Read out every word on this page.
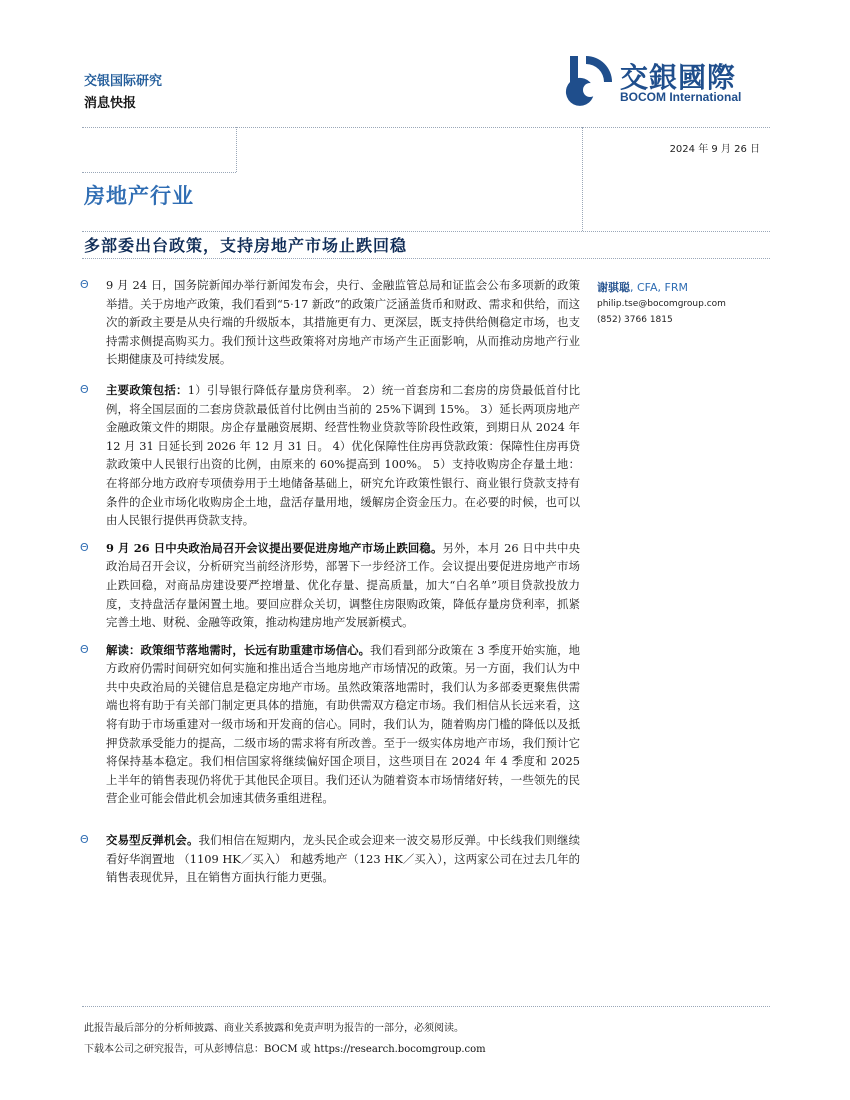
交银国际研究
消息快报
交銀國際
BOCOM International
2024 年 9 月 26 日
房地产行业
多部委出台政策，支持房地产市场止跌回稳
Θ 9 月 24 日，国务院新闻办举行新闻发布会，央行、金融监管总局和证监会公布多项新的政策举措。关于房地产政策，我们看到“5·17 新政”的政策广泛涵盖货币和财政、需求和供给，而这次的新政主要是从央行端的升级版本，其措施更有力、更深层，既支持供给侧稳定市场，也支持需求侧提高购买力。我们预计这些政策将对房地产市场产生正面影响，从而推动房地产行业长期健康及可持续发展。
Θ 主要政策包括：1）引导银行降低存量房贷利率。 2）统一首套房和二套房的房贷最低首付比例，将全国层面的二套房贷款最低首付比例由当前的 25%下调到 15%。 3）延长两项房地产金融政策文件的期限。房企存量融资展期、经营性物业贷款等阶段性政策，到期日从 2024 年 12 月 31 日延长到 2026 年 12 月 31 日。 4）优化保障性住房再贷款政策：保障性住房再贷款政策中人民银行出资的比例，由原来的 60%提高到 100%。 5）支持收购房企存量土地：在将部分地方政府专项债券用于土地储备基础上，研究允许政策性银行、商业银行贷款支持有条件的企业市场化收购房企土地，盘活存量用地，缓解房企资金压力。在必要的时候，也可以由人民银行提供再贷款支持。
Θ 9 月 26 日中央政治局召开会议提出要促进房地产市场止跌回稳。另外，本月 26 日中共中央政治局召开会议，分析研究当前经济形势，部署下一步经济工作。会议提出要促进房地产市场止跌回稳，对商品房建设要严控增量、优化存量、提高质量，加大“白名单”项目贷款投放力度，支持盘活存量闲置土地。要回应群众关切，调整住房限购政策，降低存量房贷利率，抓紧完善土地、财税、金融等政策，推动构建房地产发展新模式。
Θ 解读：政策细节落地需时，长远有助重建市场信心。我们看到部分政策在 3 季度开始实施，地方政府仍需时间研究如何实施和推出适合当地房地产市场情况的政策。另一方面，我们认为中共中央政治局的关键信息是稳定房地产市场。虽然政策落地需时，我们认为多部委更聚焦供需端也将有助于有关部门制定更具体的措施，有助供需双方稳定市场。我们相信从长远来看，这将有助于市场重建对一级市场和开发商的信心。同时，我们认为，随着购房门槛的降低以及抵押贷款承受能力的提高，二级市场的需求将有所改善。至于一级实体房地产市场，我们预计它将保持基本稳定。我们相信国家将继续偏好国企项目，这些项目在 2024 年 4 季度和 2025 上半年的销售表现仍将优于其他民企项目。我们还认为随着资本市场情绪好转，一些领先的民营企业可能会借此机会加速其债务重组进程。
Θ 交易型反弹机会。我们相信在短期内，龙头民企或会迎来一波交易形反弹。中长线我们则继续看好华润置地 （1109 HK／买入） 和越秀地产（123 HK／买入），这两家公司在过去几年的销售表现优异，且在销售方面执行能力更强。
谢骐聪, CFA, FRM
philip.tse@bocomgroup.com
(852) 3766 1815
此报告最后部分的分析师披露、商业关系披露和免责声明为报告的一部分，必须阅读。
下载本公司之研究报告，可从彭博信息：BOCM 或 https://research.bocomgroup.com
